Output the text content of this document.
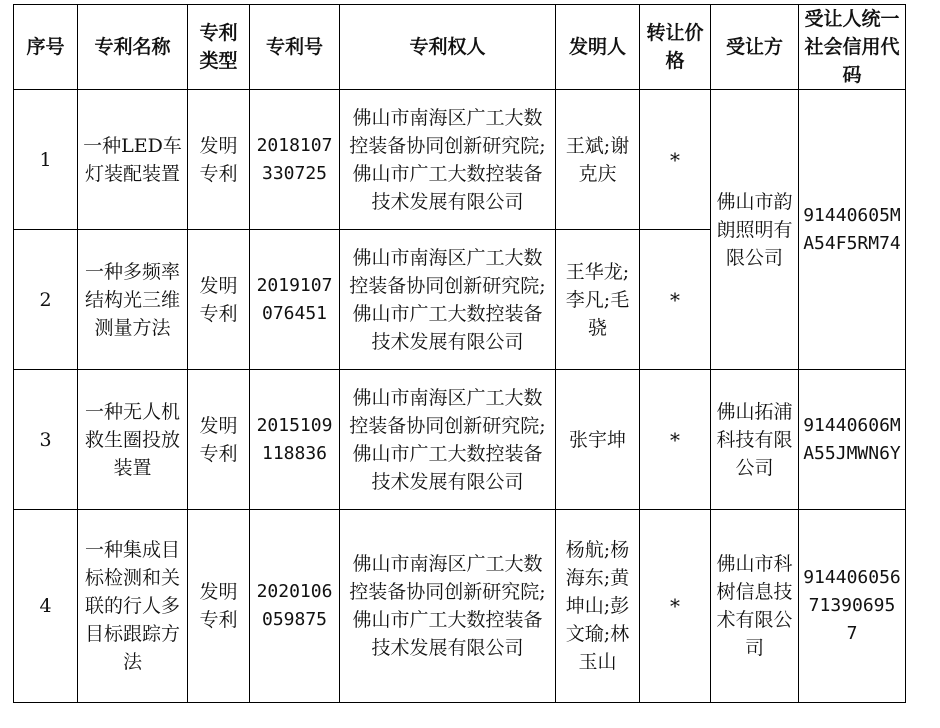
序号	专利名称	专利类型	专利号	专利权人	发明人	转让价格	受让方	受让人统一社会信用代码
1	一种LED车灯装配装置	发明专利	2018107330725	佛山市南海区广工大数控装备协同创新研究院;佛山市广工大数控装备技术发展有限公司	王斌;谢克庆	*	佛山市韵朗照明有限公司	91440605MA54F5RM74
2	一种多频率结构光三维测量方法	发明专利	2019107076451	佛山市南海区广工大数控装备协同创新研究院;佛山市广工大数控装备技术发展有限公司	王华龙;李凡;毛骁	*		
3	一种无人机救生圈投放装置	发明专利	2015109118836	佛山市南海区广工大数控装备协同创新研究院;佛山市广工大数控装备技术发展有限公司	张宇坤	*	佛山拓浦科技有限公司	91440606MA55JMWN6Y
4	一种集成目标检测和关联的行人多目标跟踪方法	发明专利	2020106059875	佛山市南海区广工大数控装备协同创新研究院;佛山市广工大数控装备技术发展有限公司	杨航;杨海东;黄坤山;彭文瑜;林玉山	*	佛山市科树信息技术有限公司	91440605671390695 7
